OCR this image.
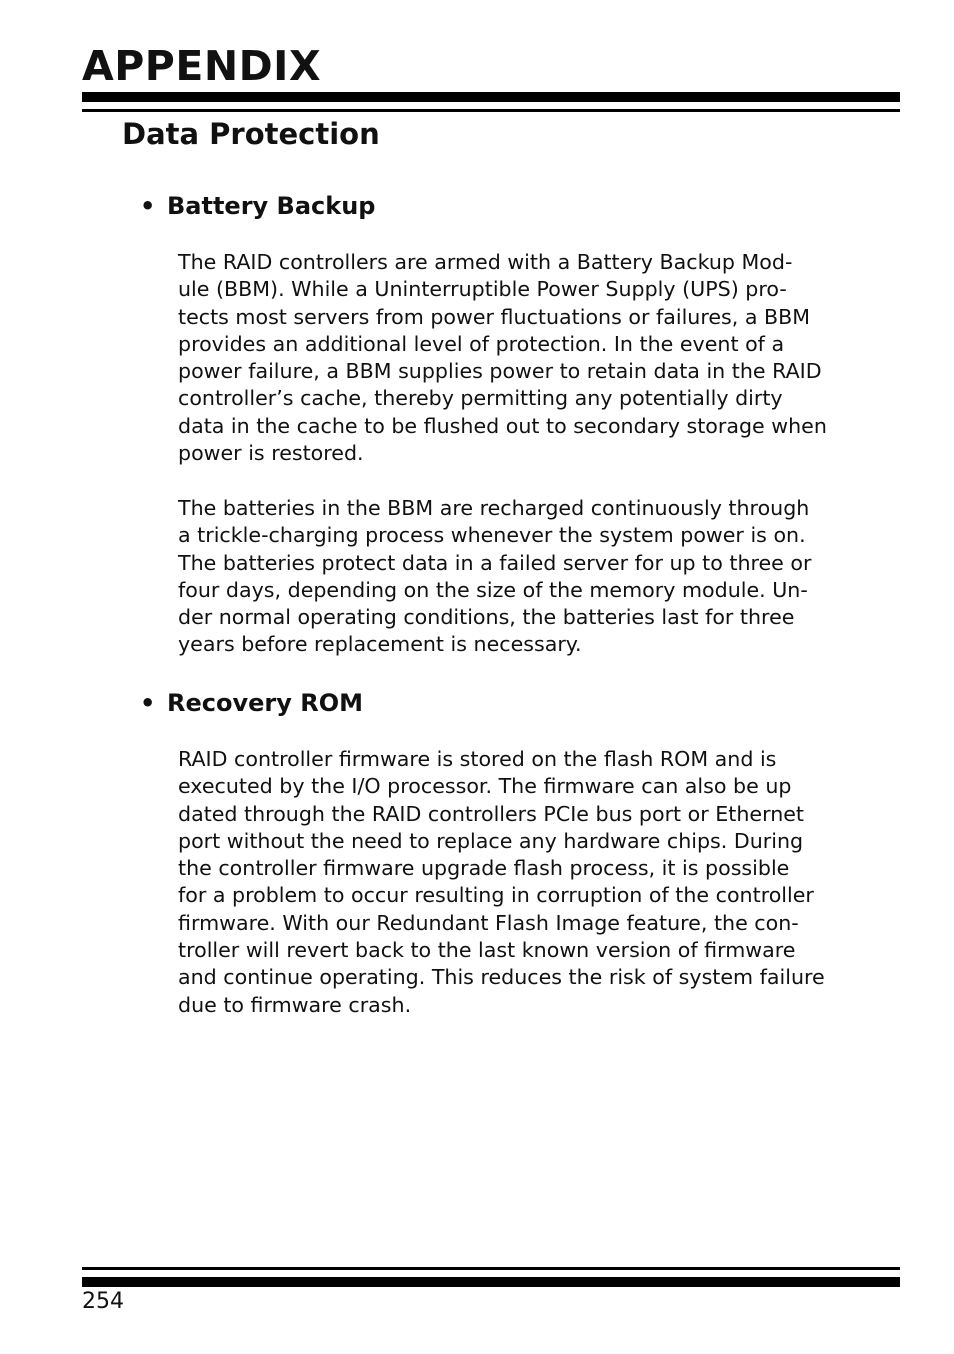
APPENDIX
Data Protection
• Battery Backup

The RAID controllers are armed with a Battery Backup Mod-
ule (BBM). While a Uninterruptible Power Supply (UPS) pro-
tects most servers from power fluctuations or failures, a BBM
provides an additional level of protection. In the event of a
power failure, a BBM supplies power to retain data in the RAID
controller’s cache, thereby permitting any potentially dirty
data in the cache to be flushed out to secondary storage when
power is restored.

The batteries in the BBM are recharged continuously through
a trickle-charging process whenever the system power is on.
The batteries protect data in a failed server for up to three or
four days, depending on the size of the memory module. Un-
der normal operating conditions, the batteries last for three
years before replacement is necessary.

• Recovery ROM

RAID controller firmware is stored on the flash ROM and is
executed by the I/O processor. The firmware can also be up
dated through the RAID controllers PCIe bus port or Ethernet
port without the need to replace any hardware chips. During
the controller firmware upgrade flash process, it is possible
for a problem to occur resulting in corruption of the controller
firmware. With our Redundant Flash Image feature, the con-
troller will revert back to the last known version of firmware
and continue operating. This reduces the risk of system failure
due to firmware crash.

254
